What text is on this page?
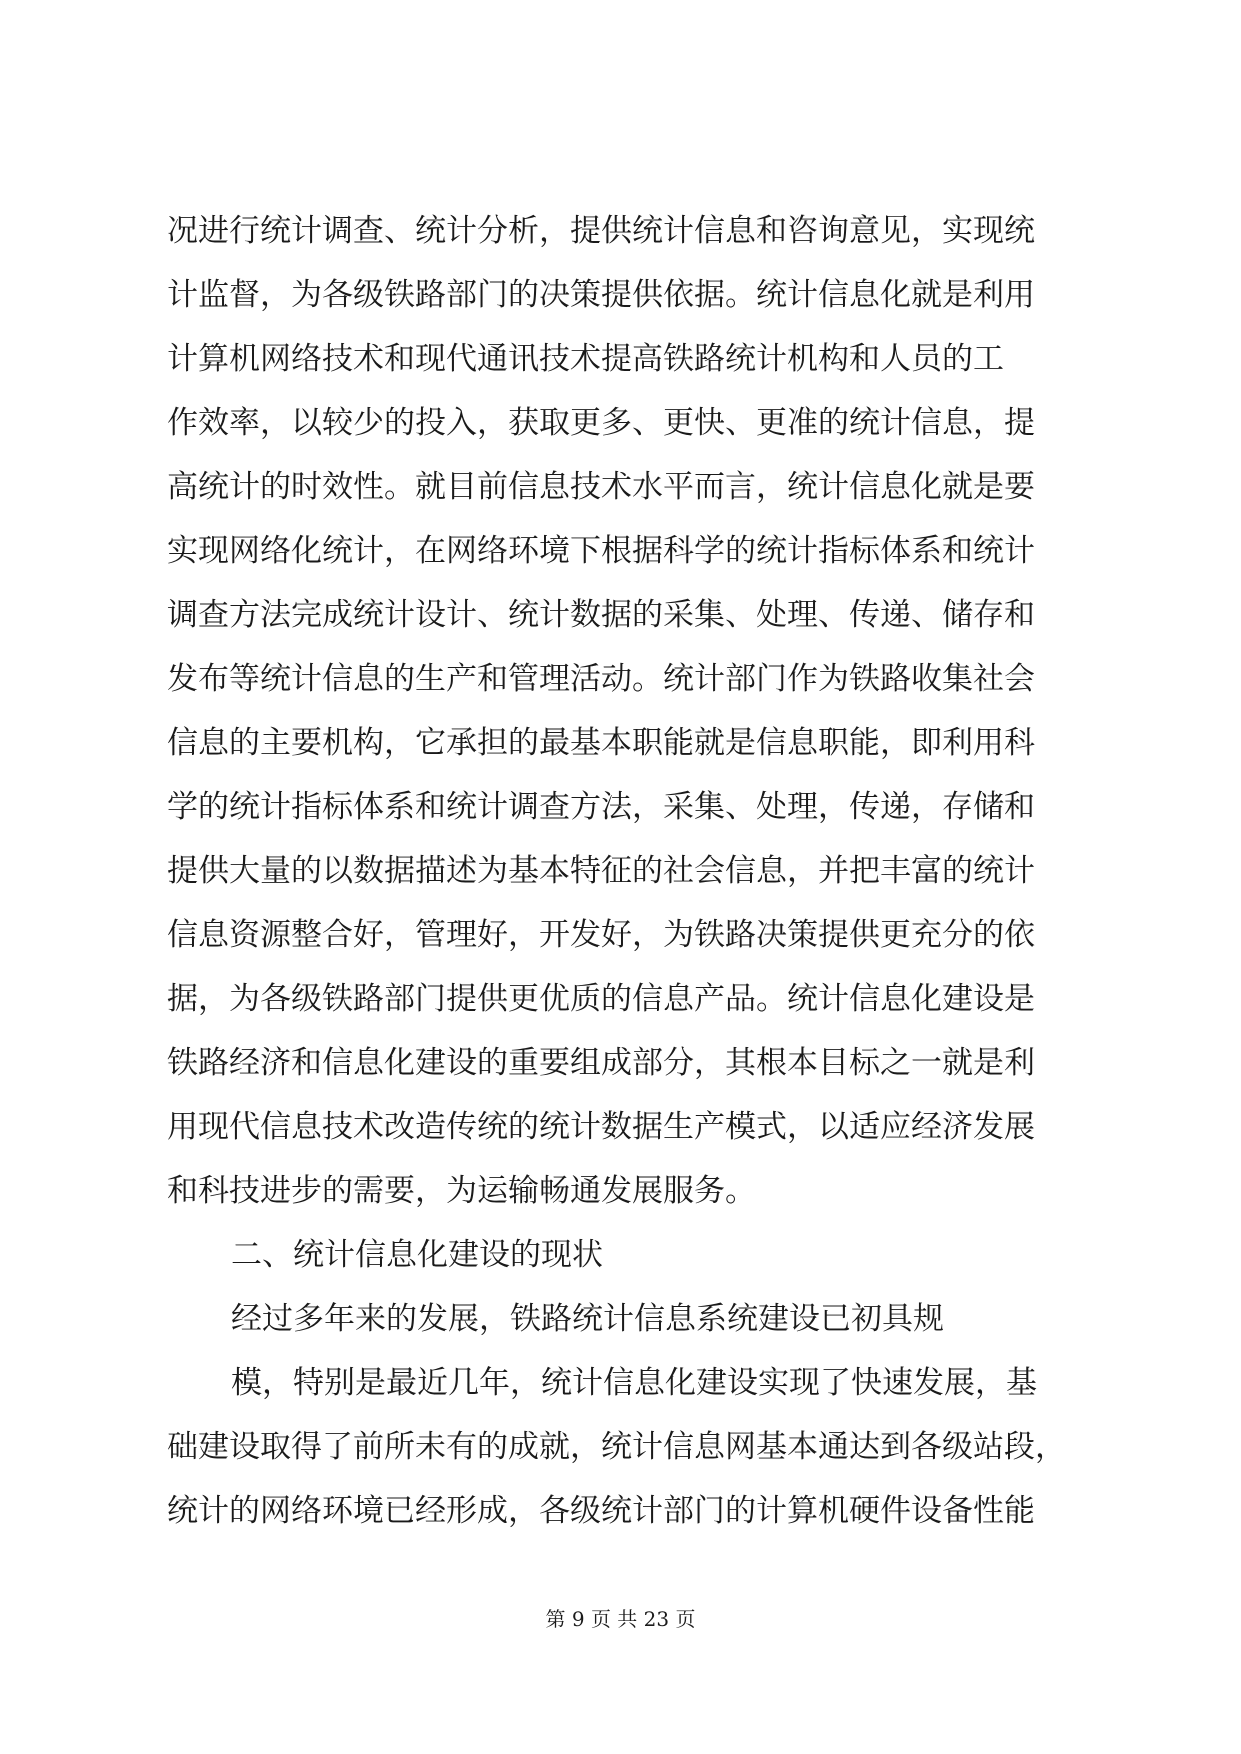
况进行统计调查、统计分析，提供统计信息和咨询意见，实现统
计监督，为各级铁路部门的决策提供依据。统计信息化就是利用
计算机网络技术和现代通讯技术提高铁路统计机构和人员的工
作效率，以较少的投入，获取更多、更快、更准的统计信息，提
高统计的时效性。就目前信息技术水平而言，统计信息化就是要
实现网络化统计，在网络环境下根据科学的统计指标体系和统计
调查方法完成统计设计、统计数据的采集、处理、传递、储存和
发布等统计信息的生产和管理活动。统计部门作为铁路收集社会
信息的主要机构，它承担的最基本职能就是信息职能，即利用科
学的统计指标体系和统计调查方法，采集、处理，传递，存储和
提供大量的以数据描述为基本特征的社会信息，并把丰富的统计
信息资源整合好，管理好，开发好，为铁路决策提供更充分的依
据，为各级铁路部门提供更优质的信息产品。统计信息化建设是
铁路经济和信息化建设的重要组成部分，其根本目标之一就是利
用现代信息技术改造传统的统计数据生产模式，以适应经济发展
和科技进步的需要，为运输畅通发展服务。
二、统计信息化建设的现状
经过多年来的发展，铁路统计信息系统建设已初具规
模，特别是最近几年，统计信息化建设实现了快速发展，基
础建设取得了前所未有的成就，统计信息网基本通达到各级站段，
统计的网络环境已经形成，各级统计部门的计算机硬件设备性能
第 9 页 共 23 页
